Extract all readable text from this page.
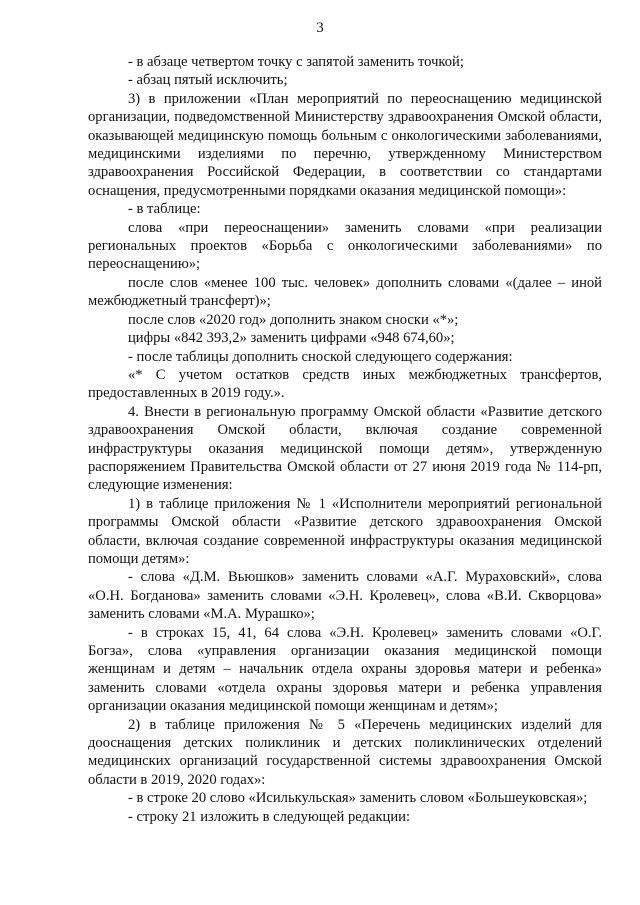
3

- в абзаце четвертом точку с запятой заменить точкой;

- абзац пятый исключить;

3) в приложении «План мероприятий по переоснащению медицинской организации, подведомственной Министерству здравоохранения Омской области, оказывающей медицинскую помощь больным с онкологическими заболеваниями, медицинскими изделиями по перечню, утвержденному Министерством здравоохранения Российской Федерации, в соответствии со стандартами оснащения, предусмотренными порядками оказания медицинской помощи»:

- в таблице:

слова «при переоснащении» заменить словами «при реализации региональных проектов «Борьба с онкологическими заболеваниями» по переоснащению»;

после слов «менее 100 тыс. человек» дополнить словами «(далее – иной межбюджетный трансферт)»;

после слов «2020 год» дополнить знаком сноски «*»;

цифры «842 393,2» заменить цифрами «948 674,60»;

- после таблицы дополнить сноской следующего содержания:

«* С учетом остатков средств иных межбюджетных трансфертов, предоставленных в 2019 году.».

4. Внести в региональную программу Омской области «Развитие детского здравоохранения Омской области, включая создание современной инфраструктуры оказания медицинской помощи детям», утвержденную распоряжением Правительства Омской области от 27 июня 2019 года № 114-рп, следующие изменения:

1) в таблице приложения № 1 «Исполнители мероприятий региональной программы Омской области «Развитие детского здравоохранения Омской области, включая создание современной инфраструктуры оказания медицинской помощи детям»:

- слова «Д.М. Вьюшков» заменить словами «А.Г. Мураховский», слова «О.Н. Богданова» заменить словами «Э.Н. Кролевец», слова «В.И. Скворцова» заменить словами «М.А. Мурашко»;

- в строках 15, 41, 64 слова «Э.Н. Кролевец» заменить словами «О.Г. Богза», слова «управления организации оказания медицинской помощи женщинам и детям – начальник отдела охраны здоровья матери и ребенка» заменить словами «отдела охраны здоровья матери и ребенка управления организации оказания медицинской помощи женщинам и детям»;

2) в таблице приложения № 5 «Перечень медицинских изделий для дооснащения детских поликлиник и детских поликлинических отделений медицинских организаций государственной системы здравоохранения Омской области в 2019, 2020 годах»:

- в строке 20 слово «Исилькульская» заменить словом «Большеуковская»;

- строку 21 изложить в следующей редакции:
